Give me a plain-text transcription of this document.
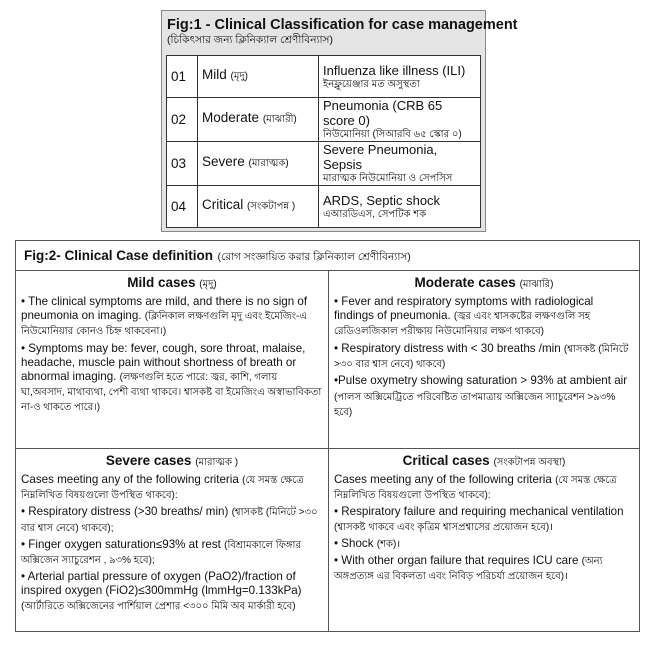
Fig:1 - Clinical Classification for case management
(চিকিৎসার জন্য ক্লিনিক্যাল শ্রেণীবিন্যাস)
01	Mild (মৃদু)	Influenza like illness (ILI)
ইনফ্লুয়েঞ্জার মত অসুস্থতা

02	Moderate (মাঝারী)	Pneumonia (CRB 65 score 0)
নিউমোনিয়া (সিআরবি ৬৫ স্কোর ০)

03	Severe (মারাত্মক)	Severe Pneumonia, Sepsis
মারাত্মক নিউমোনিয়া ও সেপসিস

04	Critical (সংকটাপন্ন )	ARDS, Septic shock
এআরডিএস, সেপটিক শক
Fig:2- Clinical Case definition (রোগ সংজ্ঞায়িত করার ক্লিনিক্যাল শ্রেণীবিন্যাস)
Mild cases (মৃদু)

• The clinical symptoms are mild, and there is no sign of pneumonia on imaging. (ক্লিনিকাল লক্ষণগুলি মৃদু এবং ইমেজিং-এ নিউমোনিয়ার কোনও চিহ্ন থাকবেনা।)

• Symptoms may be: fever, cough, sore throat, malaise, headache, muscle pain without shortness of breath or abnormal imaging. (লক্ষণগুলি হতে পারে: জ্বর, কাশি, গলায় ঘা,অবসাদ, মাথাব্যথা, পেশী ব্যথা থাকবে। শ্বাসকষ্ট বা ইমেজিংএ অস্বাভাবিকতা না-ও থাকতে পারে।)

Moderate cases (মাঝারি)

• Fever and respiratory symptoms with radiological findings of pneumonia. (জ্বর এবং শ্বাসকষ্টের লক্ষণগুলি সহ রেডিওলজিকাল পরীক্ষায় নিউমোনিয়ার লক্ষণ থাকবে)

• Respiratory distress with < 30 breaths /min (শ্বাসকষ্ট (মিনিটে >৩০ বার শ্বাস নেবে) থাকবে)

•Pulse oxymetry showing saturation > 93% at ambient air

(পালস অক্সিমেট্রিতে পরিবেষ্টিত তাপমাত্রায় অক্সিজেন স্যাচুরেশন >৯৩% হবে)

Severe cases (মারাত্মক )

Cases meeting any of the following criteria (যে সমস্ত ক্ষেত্রে নিম্নলিখিত বিষয়গুলো উপস্থিত থাকবে):

• Respiratory distress (>30 breaths/ min) (শ্বাসকষ্ট (মিনিটে >৩০ বার শ্বাস নেবে) থাকবে);

• Finger oxygen saturation≤93% at rest (বিশ্রামকালে ফিঙ্গার অক্সিজেন স্যাচুরেশন , ৯৩% হবে);

• Arterial partial pressure of oxygen (PaO2)/fraction of inspired oxygen (FiO2)≤300mmHg (lmmHg=0.133kPa) (আর্টারিতে অক্সিজেনের পার্শিয়াল প্রেশার <৩০০ মিমি অব মার্কারী হবে)

Critical cases (সংকটাপন্ন অবস্থা)

Cases meeting any of the following criteria (যে সমস্ত ক্ষেত্রে নিম্নলিখিত বিষয়গুলো উপস্থিত থাকবে):

• Respiratory failure and requiring mechanical ventilation (শ্বাসকষ্ট থাকবে এবং কৃত্রিম শ্বাসপ্রশ্বাসের প্রয়োজন হবে)।

• Shock (শক)।

• With other organ failure that requires ICU care (অন্য অঙ্গপ্রত্যঙ্গ এর বিকলতা এবং নিবিড় পরিচর্যা প্রয়োজন হবে)।
